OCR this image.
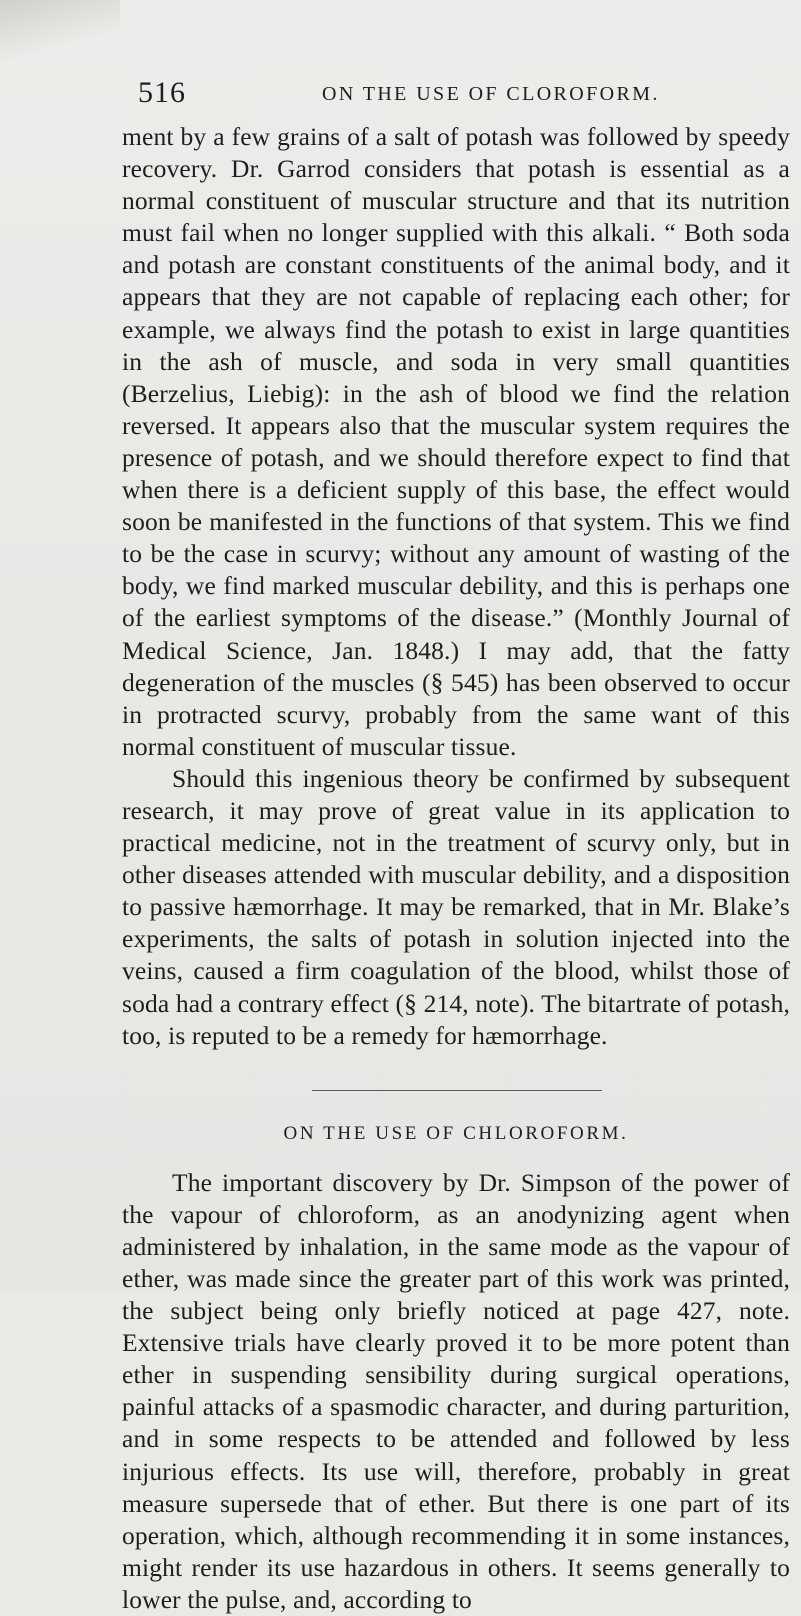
516	ON THE USE OF CLOROFORM.

ment by a few grains of a salt of potash was followed by speedy recovery. Dr. Garrod considers that potash is essential as a normal constituent of muscular structure and that its nutrition must fail when no longer supplied with this alkali. “ Both soda and potash are constant constituents of the animal body, and it appears that they are not capable of replacing each other; for example, we always find the potash to exist in large quantities in the ash of muscle, and soda in very small quantities (Berzelius, Liebig): in the ash of blood we find the relation reversed. It appears also that the muscular system requires the presence of potash, and we should therefore expect to find that when there is a deficient supply of this base, the effect would soon be manifested in the functions of that system. This we find to be the case in scurvy; without any amount of wasting of the body, we find marked muscular debility, and this is perhaps one of the earliest symptoms of the disease.” (Monthly Journal of Medical Science, Jan. 1848.) I may add, that the fatty degeneration of the muscles (§ 545) has been observed to occur in protracted scurvy, probably from the same want of this normal constituent of muscular tissue.

Should this ingenious theory be confirmed by subsequent research, it may prove of great value in its application to practical medicine, not in the treatment of scurvy only, but in other diseases attended with muscular debility, and a disposition to passive hæmorrhage. It may be remarked, that in Mr. Blake’s experiments, the salts of potash in solution injected into the veins, caused a firm coagulation of the blood, whilst those of soda had a contrary effect (§ 214, note). The bitartrate of potash, too, is reputed to be a remedy for hæmorrhage.

ON THE USE OF CHLOROFORM.

The important discovery by Dr. Simpson of the power of the vapour of chloroform, as an anodynizing agent when administered by inhalation, in the same mode as the vapour of ether, was made since the greater part of this work was printed, the subject being only briefly noticed at page 427, note. Extensive trials have clearly proved it to be more potent than ether in suspending sensibility during surgical operations, painful attacks of a spasmodic character, and during parturition, and in some respects to be attended and followed by less injurious effects. Its use will, therefore, probably in great measure supersede that of ether. But there is one part of its operation, which, although recommending it in some instances, might render its use hazardous in others. It seems generally to lower the pulse, and, according to
